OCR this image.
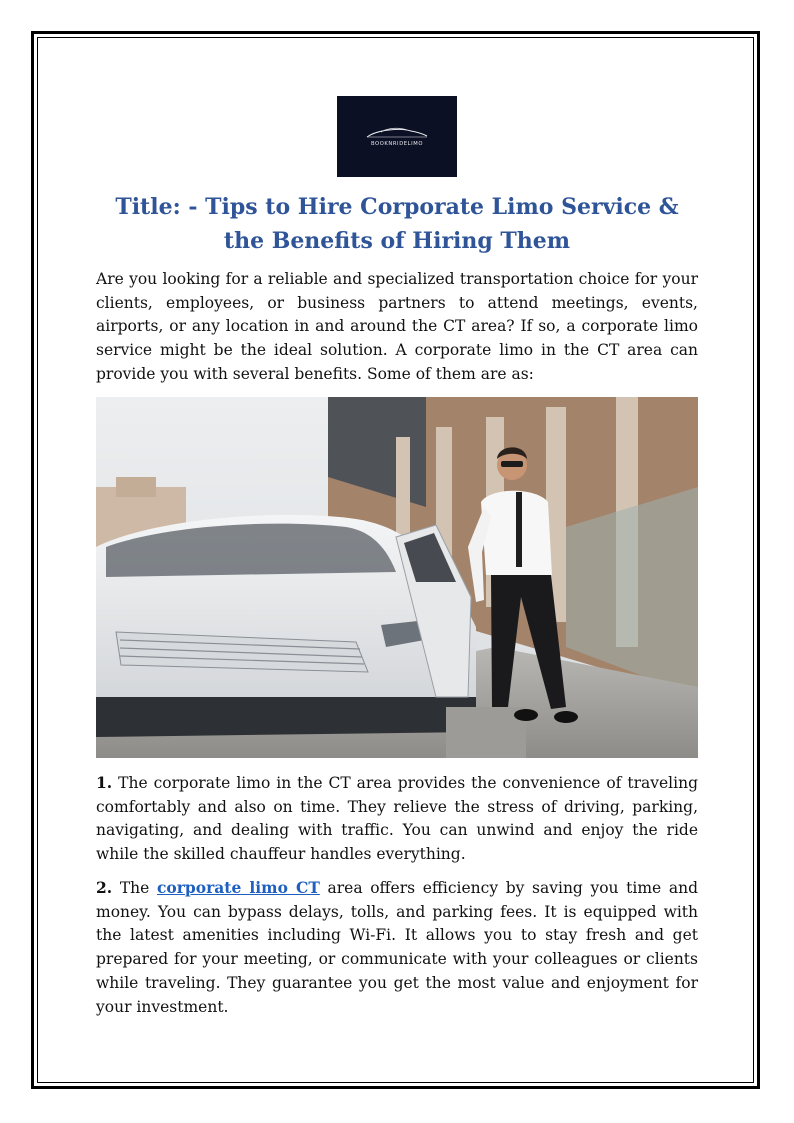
BOOKNRIDELIMO
Title: - Tips to Hire Corporate Limo Service & the Benefits of Hiring Them

Are you looking for a reliable and specialized transportation choice for your clients, employees, or business partners to attend meetings, events, airports, or any location in and around the CT area? If so, a corporate limo service might be the ideal solution. A corporate limo in the CT area can provide you with several benefits. Some of them are as:

1. The corporate limo in the CT area provides the convenience of traveling comfortably and also on time. They relieve the stress of driving, parking, navigating, and dealing with traffic. You can unwind and enjoy the ride while the skilled chauffeur handles everything.

2. The corporate limo CT area offers efficiency by saving you time and money. You can bypass delays, tolls, and parking fees. It is equipped with the latest amenities including Wi-Fi. It allows you to stay fresh and get prepared for your meeting, or communicate with your colleagues or clients while traveling. They guarantee you get the most value and enjoyment for your investment.
